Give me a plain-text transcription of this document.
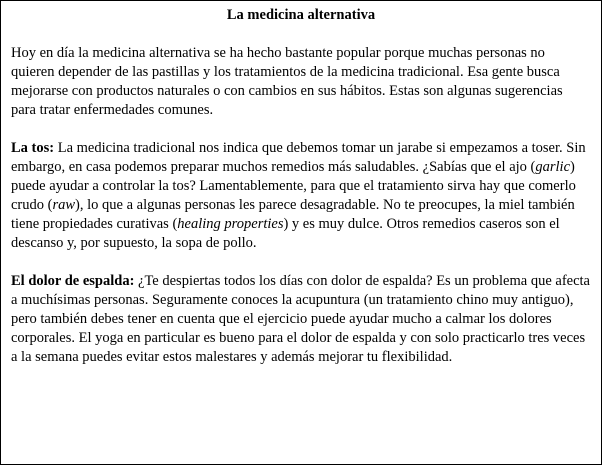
La medicina alternativa

Hoy en día la medicina alternativa se ha hecho bastante popular porque muchas personas no quieren depender de las pastillas y los tratamientos de la medicina tradicional. Esa gente busca mejorarse con productos naturales o con cambios en sus hábitos. Estas son algunas sugerencias para tratar enfermedades comunes.

La tos: La medicina tradicional nos indica que debemos tomar un jarabe si empezamos a toser. Sin embargo, en casa podemos preparar muchos remedios más saludables. ¿Sabías que el ajo (garlic) puede ayudar a controlar la tos? Lamentablemente, para que el tratamiento sirva hay que comerlo crudo (raw), lo que a algunas personas les parece desagradable. No te preocupes, la miel también tiene propiedades curativas (healing properties) y es muy dulce. Otros remedios caseros son el descanso y, por supuesto, la sopa de pollo.

El dolor de espalda: ¿Te despiertas todos los días con dolor de espalda? Es un problema que afecta a muchísimas personas. Seguramente conoces la acupuntura (un tratamiento chino muy antiguo), pero también debes tener en cuenta que el ejercicio puede ayudar mucho a calmar los dolores corporales. El yoga en particular es bueno para el dolor de espalda y con solo practicarlo tres veces a la semana puedes evitar estos malestares y además mejorar tu flexibilidad.
